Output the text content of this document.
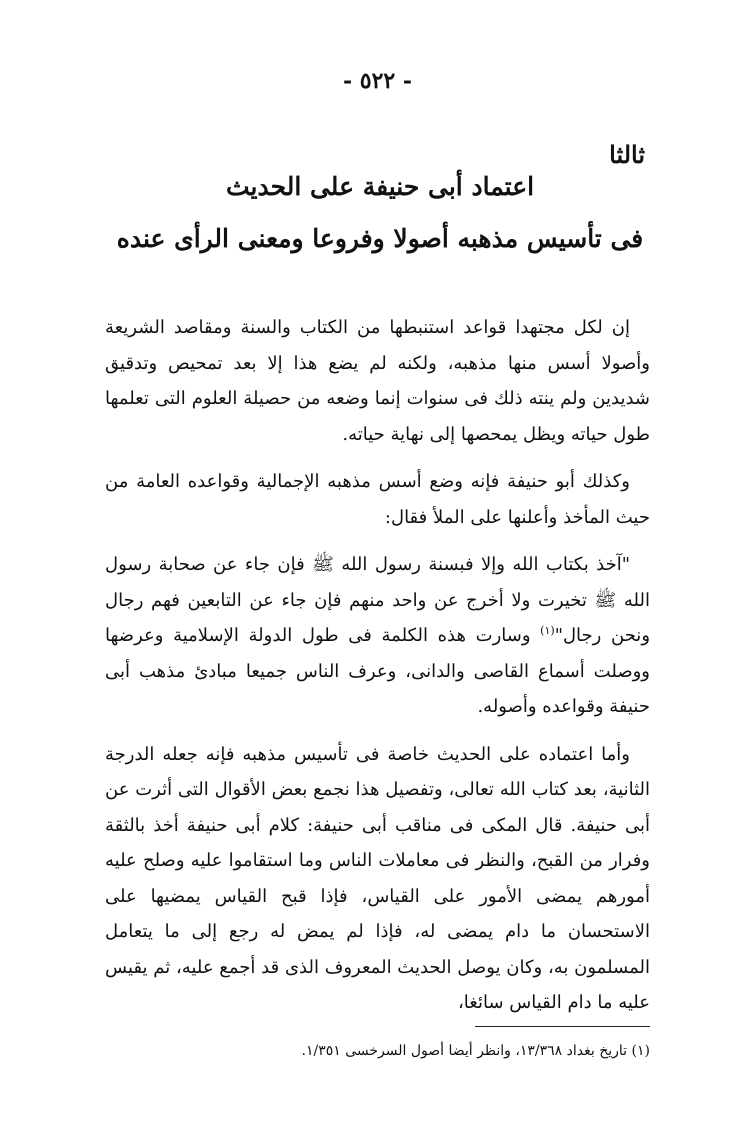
- ٥٢٢ -
ثالثا
اعتماد أبى حنيفة على الحديث
فى تأسيس مذهبه أصولا وفروعا ومعنى الرأى عنده

إن لكل مجتهدا قواعد استنبطها من الكتاب والسنة ومقاصد الشريعة وأصولا أسس منها مذهبه، ولكنه لم يضع هذا إلا بعد تمحيص وتدقيق شديدين ولم ينته ذلك فى سنوات إنما وضعه من حصيلة العلوم التى تعلمها طول حياته ويظل يمحصها إلى نهاية حياته.

وكذلك أبو حنيفة فإنه وضع أسس مذهبه الإجمالية وقواعده العامة من حيث المأخذ وأعلنها على الملأ فقال:

"آخذ بكتاب الله وإلا فبسنة رسول الله ﷺ فإن جاء عن صحابة رسول الله ﷺ تخيرت ولا أخرج عن واحد منهم فإن جاء عن التابعين فهم رجال ونحن رجال"$^{(١)}$ وسارت هذه الكلمة فى طول الدولة الإسلامية وعرضها ووصلت أسماع القاصى والدانى، وعرف الناس جميعا مبادئ مذهب أبى حنيفة وقواعده وأصوله.

وأما اعتماده على الحديث خاصة فى تأسيس مذهبه فإنه جعله الدرجة الثانية، بعد كتاب الله تعالى، وتفصيل هذا نجمع بعض الأقوال التى أثرت عن أبى حنيفة. قال المكى فى مناقب أبى حنيفة: كلام أبى حنيفة أخذ بالثقة وفرار من القبح، والنظر فى معاملات الناس وما استقاموا عليه وصلح عليه أمورهم يمضى الأمور على القياس، فإذا قبح القياس يمضيها على الاستحسان ما دام يمضى له، فإذا لم يمض له رجع إلى ما يتعامل المسلمون به، وكان يوصل الحديث المعروف الذى قد أجمع عليه، ثم يقيس عليه ما دام القياس سائغا،

(١) تاريخ بغداد ١٣/٣٦٨، وانظر أيضا أصول السرخسى ١/٣٥١.
